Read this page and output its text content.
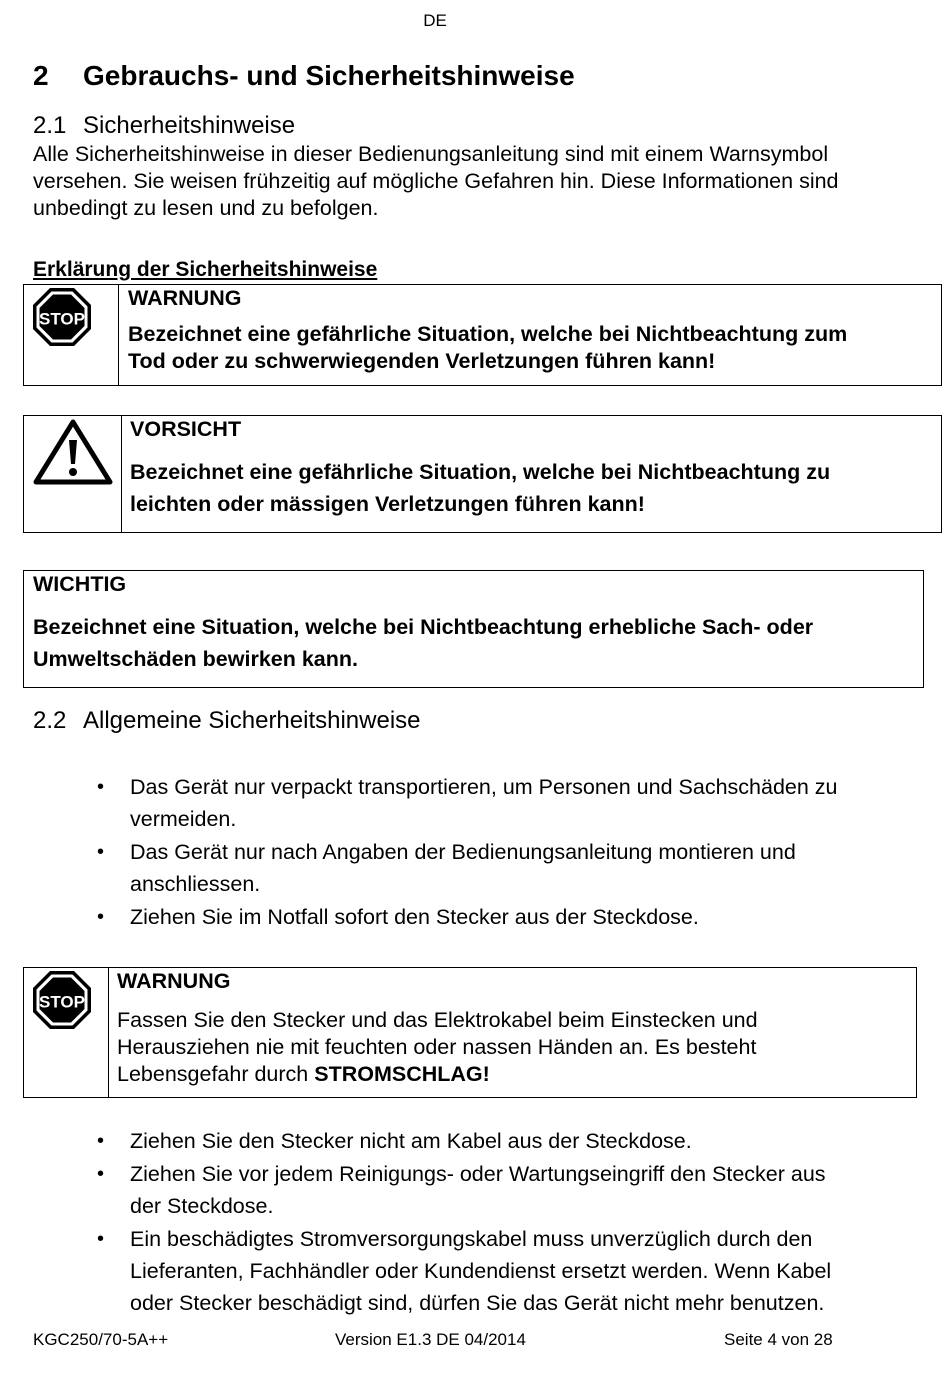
DE
2 Gebrauchs- und Sicherheitshinweise
2.1 Sicherheitshinweise
Alle Sicherheitshinweise in dieser Bedienungsanleitung sind mit einem Warnsymbol
versehen. Sie weisen frühzeitig auf mögliche Gefahren hin. Diese Informationen sind
unbedingt zu lesen und zu befolgen.
Erklärung der Sicherheitshinweise
STOP
WARNUNG
Bezeichnet eine gefährliche Situation, welche bei Nichtbeachtung zum
Tod oder zu schwerwiegenden Verletzungen führen kann!
VORSICHT
Bezeichnet eine gefährliche Situation, welche bei Nichtbeachtung zu
leichten oder mässigen Verletzungen führen kann!
WICHTIG
Bezeichnet eine Situation, welche bei Nichtbeachtung erhebliche Sach- oder
Umweltschäden bewirken kann.
2.2 Allgemeine Sicherheitshinweise
• Das Gerät nur verpackt transportieren, um Personen und Sachschäden zu
vermeiden.
• Das Gerät nur nach Angaben der Bedienungsanleitung montieren und
anschliessen.
• Ziehen Sie im Notfall sofort den Stecker aus der Steckdose.
STOP
WARNUNG
Fassen Sie den Stecker und das Elektrokabel beim Einstecken und
Herausziehen nie mit feuchten oder nassen Händen an. Es besteht
Lebensgefahr durch STROMSCHLAG!
• Ziehen Sie den Stecker nicht am Kabel aus der Steckdose.
• Ziehen Sie vor jedem Reinigungs- oder Wartungseingriff den Stecker aus
der Steckdose.
• Ein beschädigtes Stromversorgungskabel muss unverzüglich durch den
Lieferanten, Fachhändler oder Kundendienst ersetzt werden. Wenn Kabel
oder Stecker beschädigt sind, dürfen Sie das Gerät nicht mehr benutzen.
KGC250/70-5A++	Version E1.3 DE 04/2014	Seite 4 von 28
